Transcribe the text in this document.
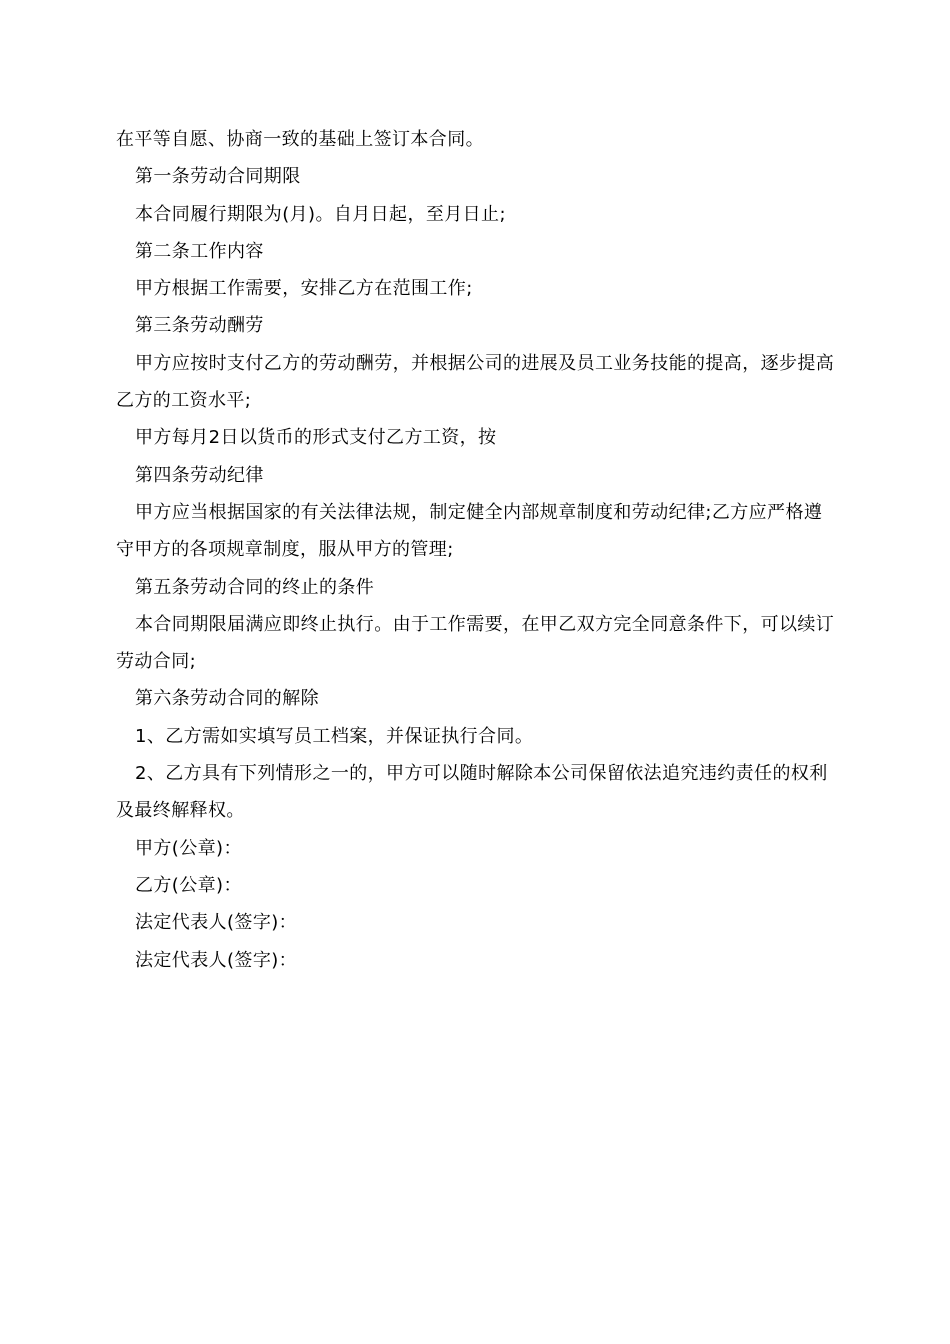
在平等自愿、协商一致的基础上签订本合同。

第一条劳动合同期限

本合同履行期限为(月)。自月日起，至月日止;

第二条工作内容

甲方根据工作需要，安排乙方在范围工作;

第三条劳动酬劳

甲方应按时支付乙方的劳动酬劳，并根据公司的进展及员工业务技能的提高，逐步提高乙方的工资水平;

甲方每月2日以货币的形式支付乙方工资，按

第四条劳动纪律

甲方应当根据国家的有关法律法规，制定健全内部规章制度和劳动纪律;乙方应严格遵守甲方的各项规章制度，服从甲方的管理;

第五条劳动合同的终止的条件

本合同期限届满应即终止执行。由于工作需要，在甲乙双方完全同意条件下，可以续订劳动合同;

第六条劳动合同的解除

1、乙方需如实填写员工档案，并保证执行合同。

2、乙方具有下列情形之一的，甲方可以随时解除本公司保留依法追究违约责任的权利及最终解释权。

甲方(公章)：

乙方(公章)：

法定代表人(签字)：

法定代表人(签字)：
